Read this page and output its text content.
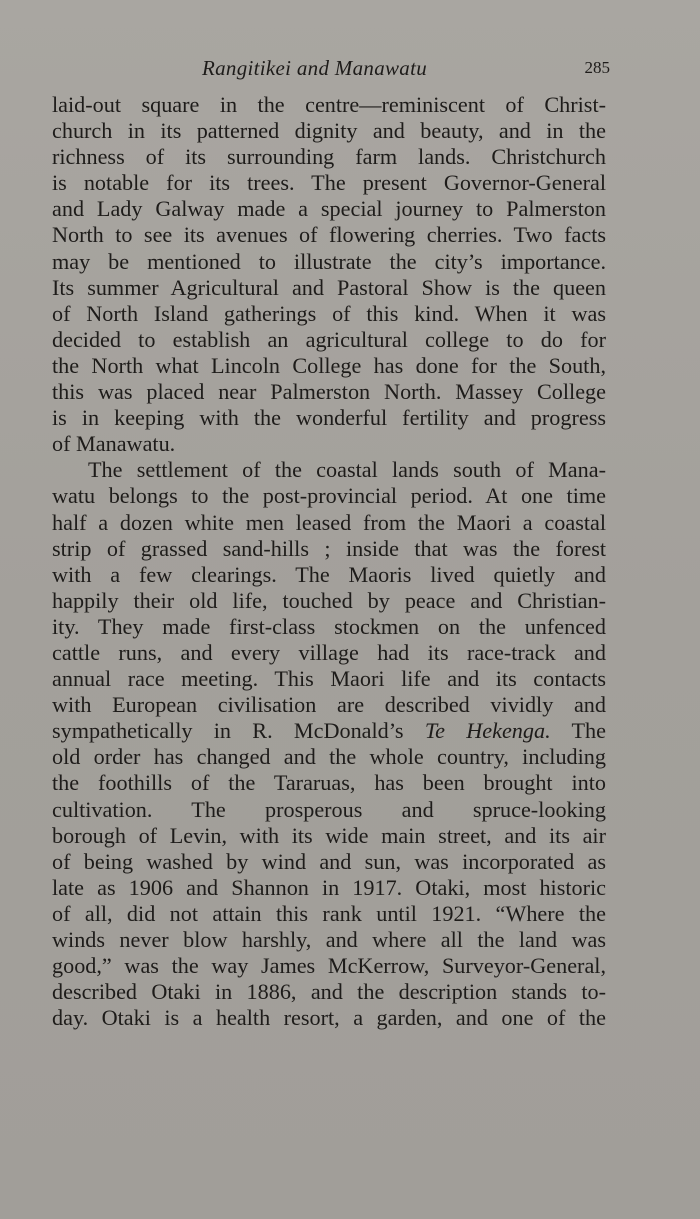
Rangitikei and Manawatu	285
laid-out square in the centre—reminiscent of Christ-
church in its patterned dignity and beauty, and in the
richness of its surrounding farm lands. Christchurch
is notable for its trees. The present Governor-General
and Lady Galway made a special journey to Palmerston
North to see its avenues of flowering cherries. Two facts
may be mentioned to illustrate the city’s importance.
Its summer Agricultural and Pastoral Show is the queen
of North Island gatherings of this kind. When it was
decided to establish an agricultural college to do for
the North what Lincoln College has done for the South,
this was placed near Palmerston North. Massey College
is in keeping with the wonderful fertility and progress
of Manawatu.
The settlement of the coastal lands south of Mana-
watu belongs to the post-provincial period. At one time
half a dozen white men leased from the Maori a coastal
strip of grassed sand-hills ; inside that was the forest
with a few clearings. The Maoris lived quietly and
happily their old life, touched by peace and Christian-
ity. They made first-class stockmen on the unfenced
cattle runs, and every village had its race-track and
annual race meeting. This Maori life and its contacts
with European civilisation are described vividly and
sympathetically in R. McDonald’s Te Hekenga. The
old order has changed and the whole country, including
the foothills of the Tararuas, has been brought into
cultivation. The prosperous and spruce-looking
borough of Levin, with its wide main street, and its air
of being washed by wind and sun, was incorporated as
late as 1906 and Shannon in 1917. Otaki, most historic
of all, did not attain this rank until 1921. “Where the
winds never blow harshly, and where all the land was
good,” was the way James McKerrow, Surveyor-General,
described Otaki in 1886, and the description stands to-
day. Otaki is a health resort, a garden, and one of the
